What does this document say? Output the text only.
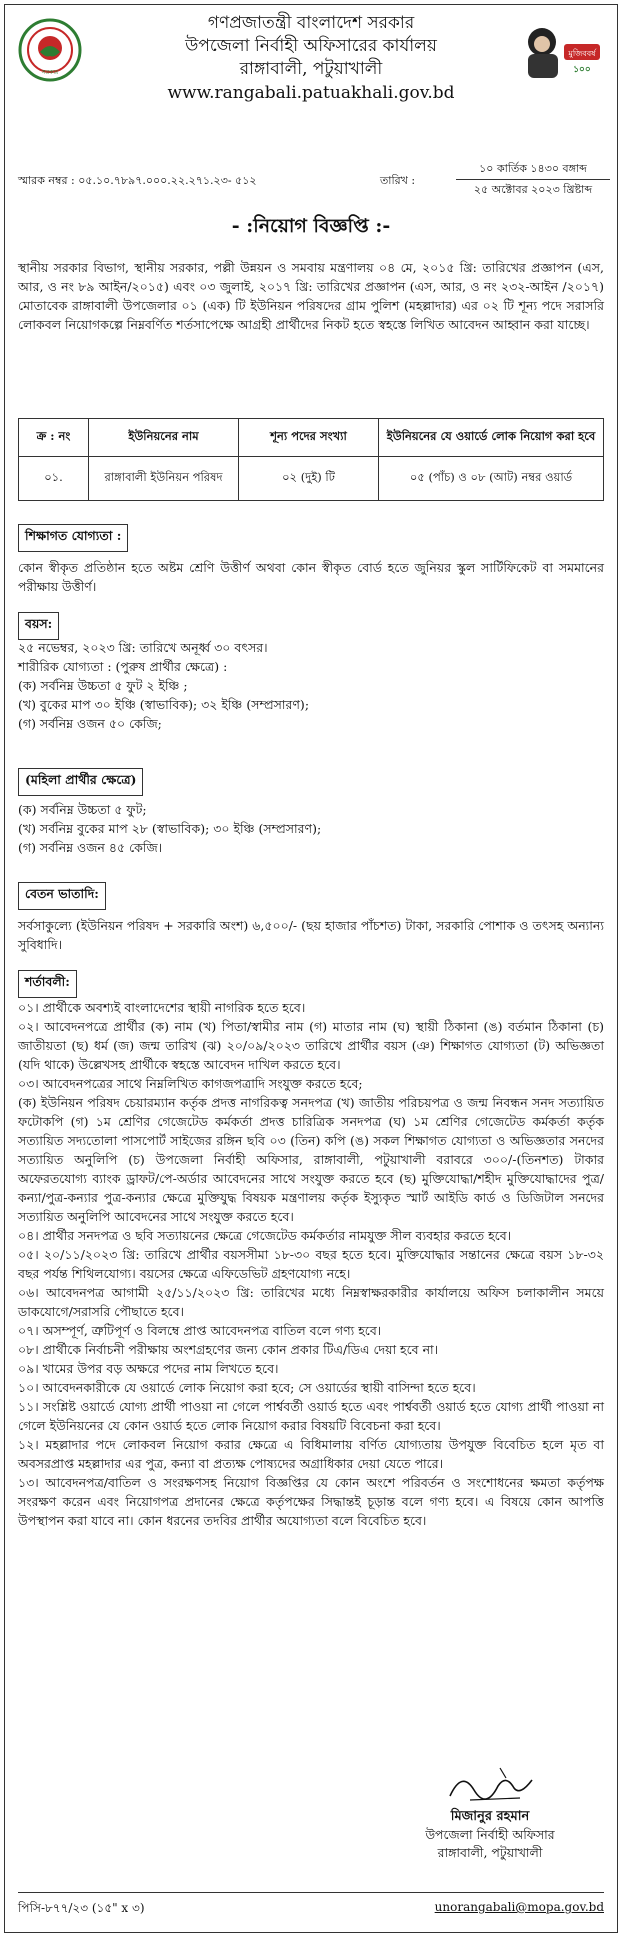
সরকার
গণপ্রজাতন্ত্রী বাংলাদেশ সরকার
উপজেলা নির্বাহী অফিসারের কার্যালয়
রাঙ্গাবালী, পটুয়াখালী
www.rangabali.patuakhali.gov.bd
মুজিববর্ষ
১০০
স্মারক নম্বর : ০৫.১০.৭৮৯৭.০০০.২২.২৭১.২৩- ৫১২	তারিখ :
১০ কার্তিক ১৪৩০ বঙ্গাব্দ
২৫ অক্টোবর ২০২৩ খ্রিষ্টাব্দ
- :নিয়োগ বিজ্ঞপ্তি :-
স্থানীয় সরকার বিভাগ, স্থানীয় সরকার, পল্লী উন্নয়ন ও সমবায় মন্ত্রণালয় ০৪ মে, ২০১৫ খ্রি: তারিখের প্রজ্ঞাপন (এস, আর, ও নং ৮৯ আইন/২০১৫) এবং ০৩ জুলাই, ২০১৭ খ্রি: তারিখের প্রজ্ঞাপন (এস, আর, ও নং ২৩২-আইন /২০১৭) মোতাবেক রাঙ্গাবালী উপজেলার ০১ (এক) টি ইউনিয়ন পরিষদের গ্রাম পুলিশ (মহল্লাদার) এর ০২ টি শূন্য পদে সরাসরি লোকবল নিয়োগকল্পে নিম্নবর্ণিত শর্তসাপেক্ষে আগ্রহী প্রার্থীদের নিকট হতে স্বহস্তে লিখিত আবেদন আহ্বান করা যাচ্ছে।
ক্র : নং	ইউনিয়নের নাম	শূন্য পদের সংখ্যা	ইউনিয়নের যে ওয়ার্ডে লোক নিয়োগ করা হবে
০১.	রাঙ্গাবালী ইউনিয়ন পরিষদ	০২ (দুই) টি	০৫ (পাঁচ) ও ০৮ (আট) নম্বর ওয়ার্ড
শিক্ষাগত যোগ্যতা :
কোন স্বীকৃত প্রতিষ্ঠান হতে অষ্টম শ্রেণি উত্তীর্ণ অথবা কোন স্বীকৃত বোর্ড হতে জুনিয়র স্কুল সার্টিফিকেট বা সমমানের পরীক্ষায় উত্তীর্ণ।
বয়স:
২৫ নভেম্বর, ২০২৩ খ্রি: তারিখে অনূর্ধ্ব ৩০ বৎসর।
শারীরিক যোগ্যতা : (পুরুষ প্রার্থীর ক্ষেত্রে) :
(ক) সর্বনিম্ন উচ্চতা ৫ ফুট ২ ইঞ্চি ;
(খ) বুকের মাপ ৩০ ইঞ্চি (স্বাভাবিক); ৩২ ইঞ্চি (সম্প্রসারণ);
(গ) সর্বনিম্ন ওজন ৫০ কেজি;
(মহিলা প্রার্থীর ক্ষেত্রে)
(ক) সর্বনিম্ন উচ্চতা ৫ ফুট;
(খ) সর্বনিম্ন বুকের মাপ ২৮ (স্বাভাবিক); ৩০ ইঞ্চি (সম্প্রসারণ);
(গ) সর্বনিম্ন ওজন ৪৫ কেজি।
বেতন ভাতাদি:
সর্বসাকুল্যে (ইউনিয়ন পরিষদ + সরকারি অংশ) ৬,৫০০/- (ছয় হাজার পাঁচশত) টাকা, সরকারি পোশাক ও তৎসহ অন্যান্য সুবিধাদি।
শর্তাবলী:
০১। প্রার্থীকে অবশ্যই বাংলাদেশের স্থায়ী নাগরিক হতে হবে।
০২। আবেদনপত্রে প্রার্থীর (ক) নাম (খ) পিতা/স্বামীর নাম (গ) মাতার নাম (ঘ) স্থায়ী ঠিকানা (ঙ) বর্তমান ঠিকানা (চ) জাতীয়তা (ছ) ধর্ম (জ) জন্ম তারিখ (ঝ) ২০/০৯/২০২৩ তারিখে প্রার্থীর বয়স (ঞ) শিক্ষাগত যোগ্যতা (ট) অভিজ্ঞতা (যদি থাকে) উল্লেখসহ প্রার্থীকে স্বহস্তে আবেদন দাখিল করতে হবে।
০৩। আবেদনপত্রের সাথে নিম্নলিখিত কাগজপত্রাদি সংযুক্ত করতে হবে;
(ক) ইউনিয়ন পরিষদ চেয়ারম্যান কর্তৃক প্রদত্ত নাগরিকত্ব সনদপত্র (খ) জাতীয় পরিচয়পত্র ও জন্ম নিবন্ধন সনদ সত্যায়িত ফটোকপি (গ) ১ম শ্রেণির গেজেটেড কর্মকর্তা প্রদত্ত চারিত্রিক সনদপত্র (ঘ) ১ম শ্রেণির গেজেটেড কর্মকর্তা কর্তৃক সত্যায়িত সদ্যতোলা পাসপোর্ট সাইজের রঙ্গিন ছবি ০৩ (তিন) কপি (ঙ) সকল শিক্ষাগত যোগ্যতা ও অভিজ্ঞতার সনদের সত্যায়িত অনুলিপি (চ) উপজেলা নির্বাহী অফিসার, রাঙ্গাবালী, পটুয়াখালী বরাবরে ৩০০/-(তিনশত) টাকার অফেরতযোগ্য ব্যাংক ড্রাফট/পে-অর্ডার আবেদনের সাথে সংযুক্ত করতে হবে (ছ) মুক্তিযোদ্ধা/শহীদ মুক্তিযোদ্ধাদের পুত্র/কন্যা/পুত্র-কন্যার পুত্র-কন্যার ক্ষেত্রে মুক্তিযুদ্ধ বিষয়ক মন্ত্রণালয় কর্তৃক ইস্যুকৃত স্মার্ট আইডি কার্ড ও ডিজিটাল সনদের সত্যায়িত অনুলিপি আবেদনের সাথে সংযুক্ত করতে হবে।
০৪। প্রার্থীর সনদপত্র ও ছবি সত্যায়নের ক্ষেত্রে গেজেটেড কর্মকর্তার নামযুক্ত সীল ব্যবহার করতে হবে।
০৫। ২০/১১/২০২৩ খ্রি: তারিখে প্রার্থীর বয়সসীমা ১৮-৩০ বছর হতে হবে। মুক্তিযোদ্ধার সন্তানের ক্ষেত্রে বয়স ১৮-৩২ বছর পর্যন্ত শিথিলযোগ্য। বয়সের ক্ষেত্রে এফিডেভিট গ্রহণযোগ্য নহে।
০৬। আবেদনপত্র আগামী ২৫/১১/২০২৩ খ্রি: তারিখের মধ্যে নিম্নস্বাক্ষরকারীর কার্যালয়ে অফিস চলাকালীন সময়ে ডাকযোগে/সরাসরি পৌছাতে হবে।
০৭। অসম্পূর্ণ, ত্রুটিপূর্ণ ও বিলম্বে প্রাপ্ত আবেদনপত্র বাতিল বলে গণ্য হবে।
০৮। প্রার্থীকে নির্বাচনী পরীক্ষায় অংশগ্রহণের জন্য কোন প্রকার টিএ/ডিএ দেয়া হবে না।
০৯। খামের উপর বড় অক্ষরে পদের নাম লিখতে হবে।
১০। আবেদনকারীকে যে ওয়ার্ডে লোক নিয়োগ করা হবে; সে ওয়ার্ডের স্থায়ী বাসিন্দা হতে হবে।
১১। সংশ্লিষ্ট ওয়ার্ডে যোগ্য প্রার্থী পাওয়া না গেলে পার্শ্ববর্তী ওয়ার্ড হতে এবং পার্শ্ববর্তী ওয়ার্ড হতে যোগ্য প্রার্থী পাওয়া না গেলে ইউনিয়নের যে কোন ওয়ার্ড হতে লোক নিয়োগ করার বিষয়টি বিবেচনা করা হবে।
১২। মহল্লাদার পদে লোকবল নিয়োগ করার ক্ষেত্রে এ বিধিমালায় বর্ণিত যোগ্যতায় উপযুক্ত বিবেচিত হলে মৃত বা অবসরপ্রাপ্ত মহল্লাদার এর পুত্র, কন্যা বা প্রত্যক্ষ পোষ্যদের অগ্রাধিকার দেয়া যেতে পারে।
১৩। আবেদনপত্র/বাতিল ও সংরক্ষণসহ নিয়োগ বিজ্ঞপ্তির যে কোন অংশে পরিবর্তন ও সংশোধনের ক্ষমতা কর্তৃপক্ষ সংরক্ষণ করেন এবং নিয়োগপত্র প্রদানের ক্ষেত্রে কর্তৃপক্ষের সিদ্ধান্তই চূড়ান্ত বলে গণ্য হবে। এ বিষয়ে কোন আপত্তি উপস্থাপন করা যাবে না। কোন ধরনের তদবির প্রার্থীর অযোগ্যতা বলে বিবেচিত হবে।
মিজানুর রহমান
উপজেলা নির্বাহী অফিসার
রাঙ্গাবালী, পটুয়াখালী
পিসি-৮৭৭/২৩ (১৫" x ৩)	unorangabali@mopa.gov.bd
